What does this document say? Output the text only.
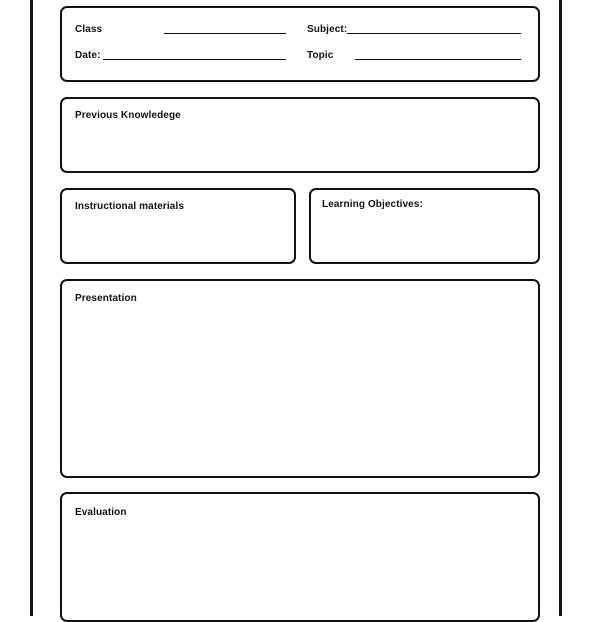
Class	Subject:
Date:	Topic
Previous Knowledege
Instructional materials	Learning Objectives:
Presentation
Evaluation
